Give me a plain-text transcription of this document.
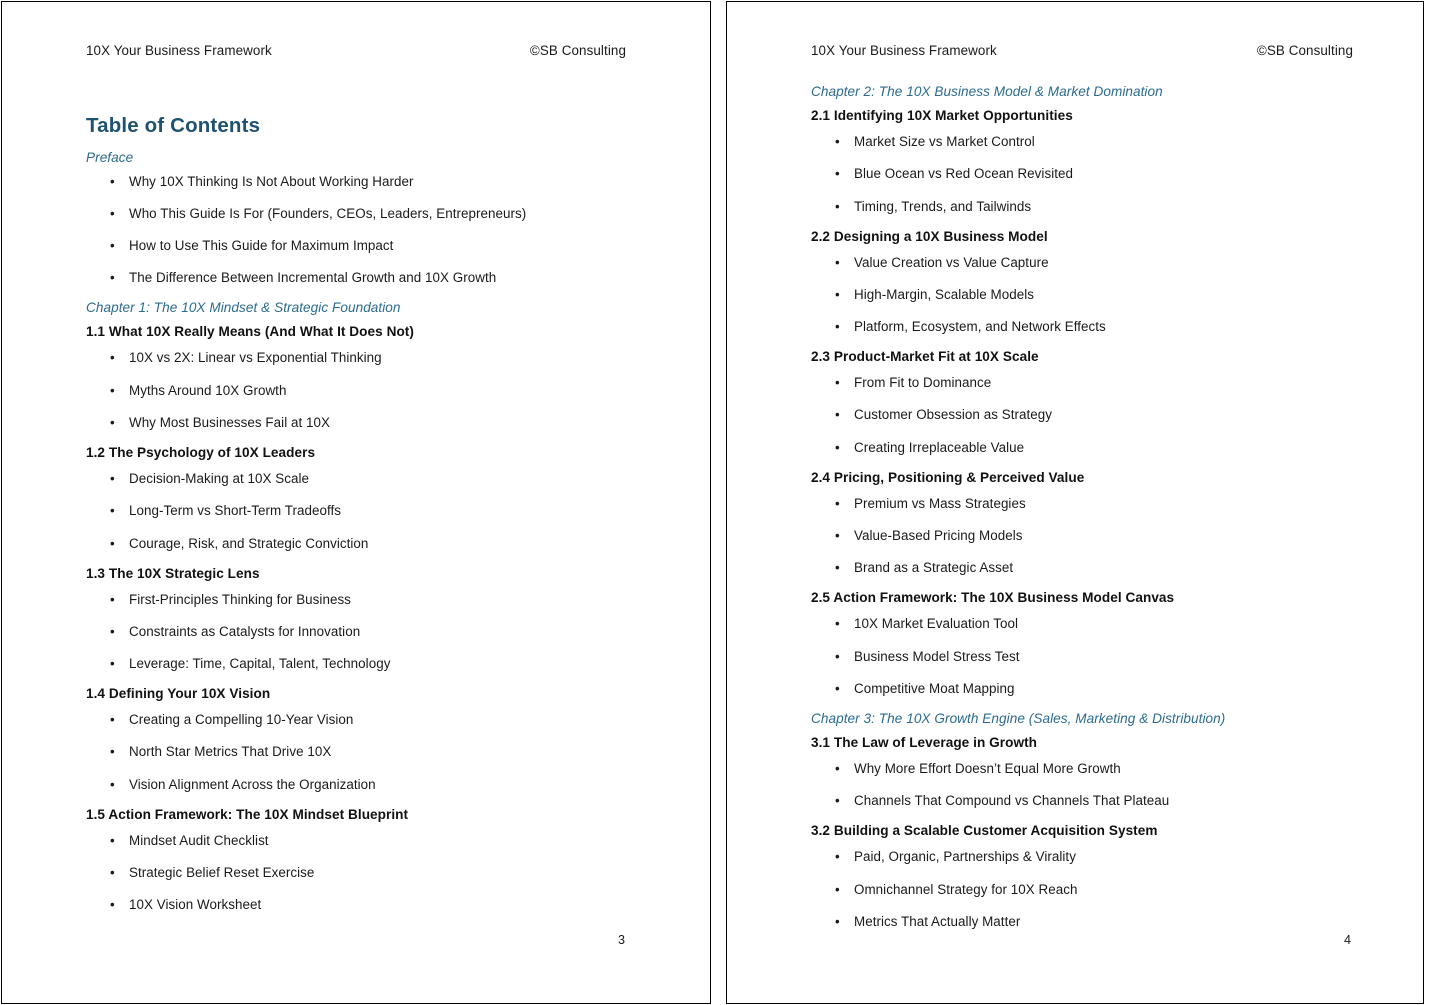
10X Your Business Framework	©SB Consulting
Table of Contents
Preface
• Why 10X Thinking Is Not About Working Harder
• Who This Guide Is For (Founders, CEOs, Leaders, Entrepreneurs)
• How to Use This Guide for Maximum Impact
• The Difference Between Incremental Growth and 10X Growth
Chapter 1: The 10X Mindset & Strategic Foundation
1.1 What 10X Really Means (And What It Does Not)
• 10X vs 2X: Linear vs Exponential Thinking
• Myths Around 10X Growth
• Why Most Businesses Fail at 10X
1.2 The Psychology of 10X Leaders
• Decision-Making at 10X Scale
• Long-Term vs Short-Term Tradeoffs
• Courage, Risk, and Strategic Conviction
1.3 The 10X Strategic Lens
• First-Principles Thinking for Business
• Constraints as Catalysts for Innovation
• Leverage: Time, Capital, Talent, Technology
1.4 Defining Your 10X Vision
• Creating a Compelling 10-Year Vision
• North Star Metrics That Drive 10X
• Vision Alignment Across the Organization
1.5 Action Framework: The 10X Mindset Blueprint
• Mindset Audit Checklist
• Strategic Belief Reset Exercise
• 10X Vision Worksheet
3
10X Your Business Framework	©SB Consulting
Chapter 2: The 10X Business Model & Market Domination
2.1 Identifying 10X Market Opportunities
• Market Size vs Market Control
• Blue Ocean vs Red Ocean Revisited
• Timing, Trends, and Tailwinds
2.2 Designing a 10X Business Model
• Value Creation vs Value Capture
• High-Margin, Scalable Models
• Platform, Ecosystem, and Network Effects
2.3 Product-Market Fit at 10X Scale
• From Fit to Dominance
• Customer Obsession as Strategy
• Creating Irreplaceable Value
2.4 Pricing, Positioning & Perceived Value
• Premium vs Mass Strategies
• Value-Based Pricing Models
• Brand as a Strategic Asset
2.5 Action Framework: The 10X Business Model Canvas
• 10X Market Evaluation Tool
• Business Model Stress Test
• Competitive Moat Mapping
Chapter 3: The 10X Growth Engine (Sales, Marketing & Distribution)
3.1 The Law of Leverage in Growth
• Why More Effort Doesn’t Equal More Growth
• Channels That Compound vs Channels That Plateau
3.2 Building a Scalable Customer Acquisition System
• Paid, Organic, Partnerships & Virality
• Omnichannel Strategy for 10X Reach
• Metrics That Actually Matter
4
